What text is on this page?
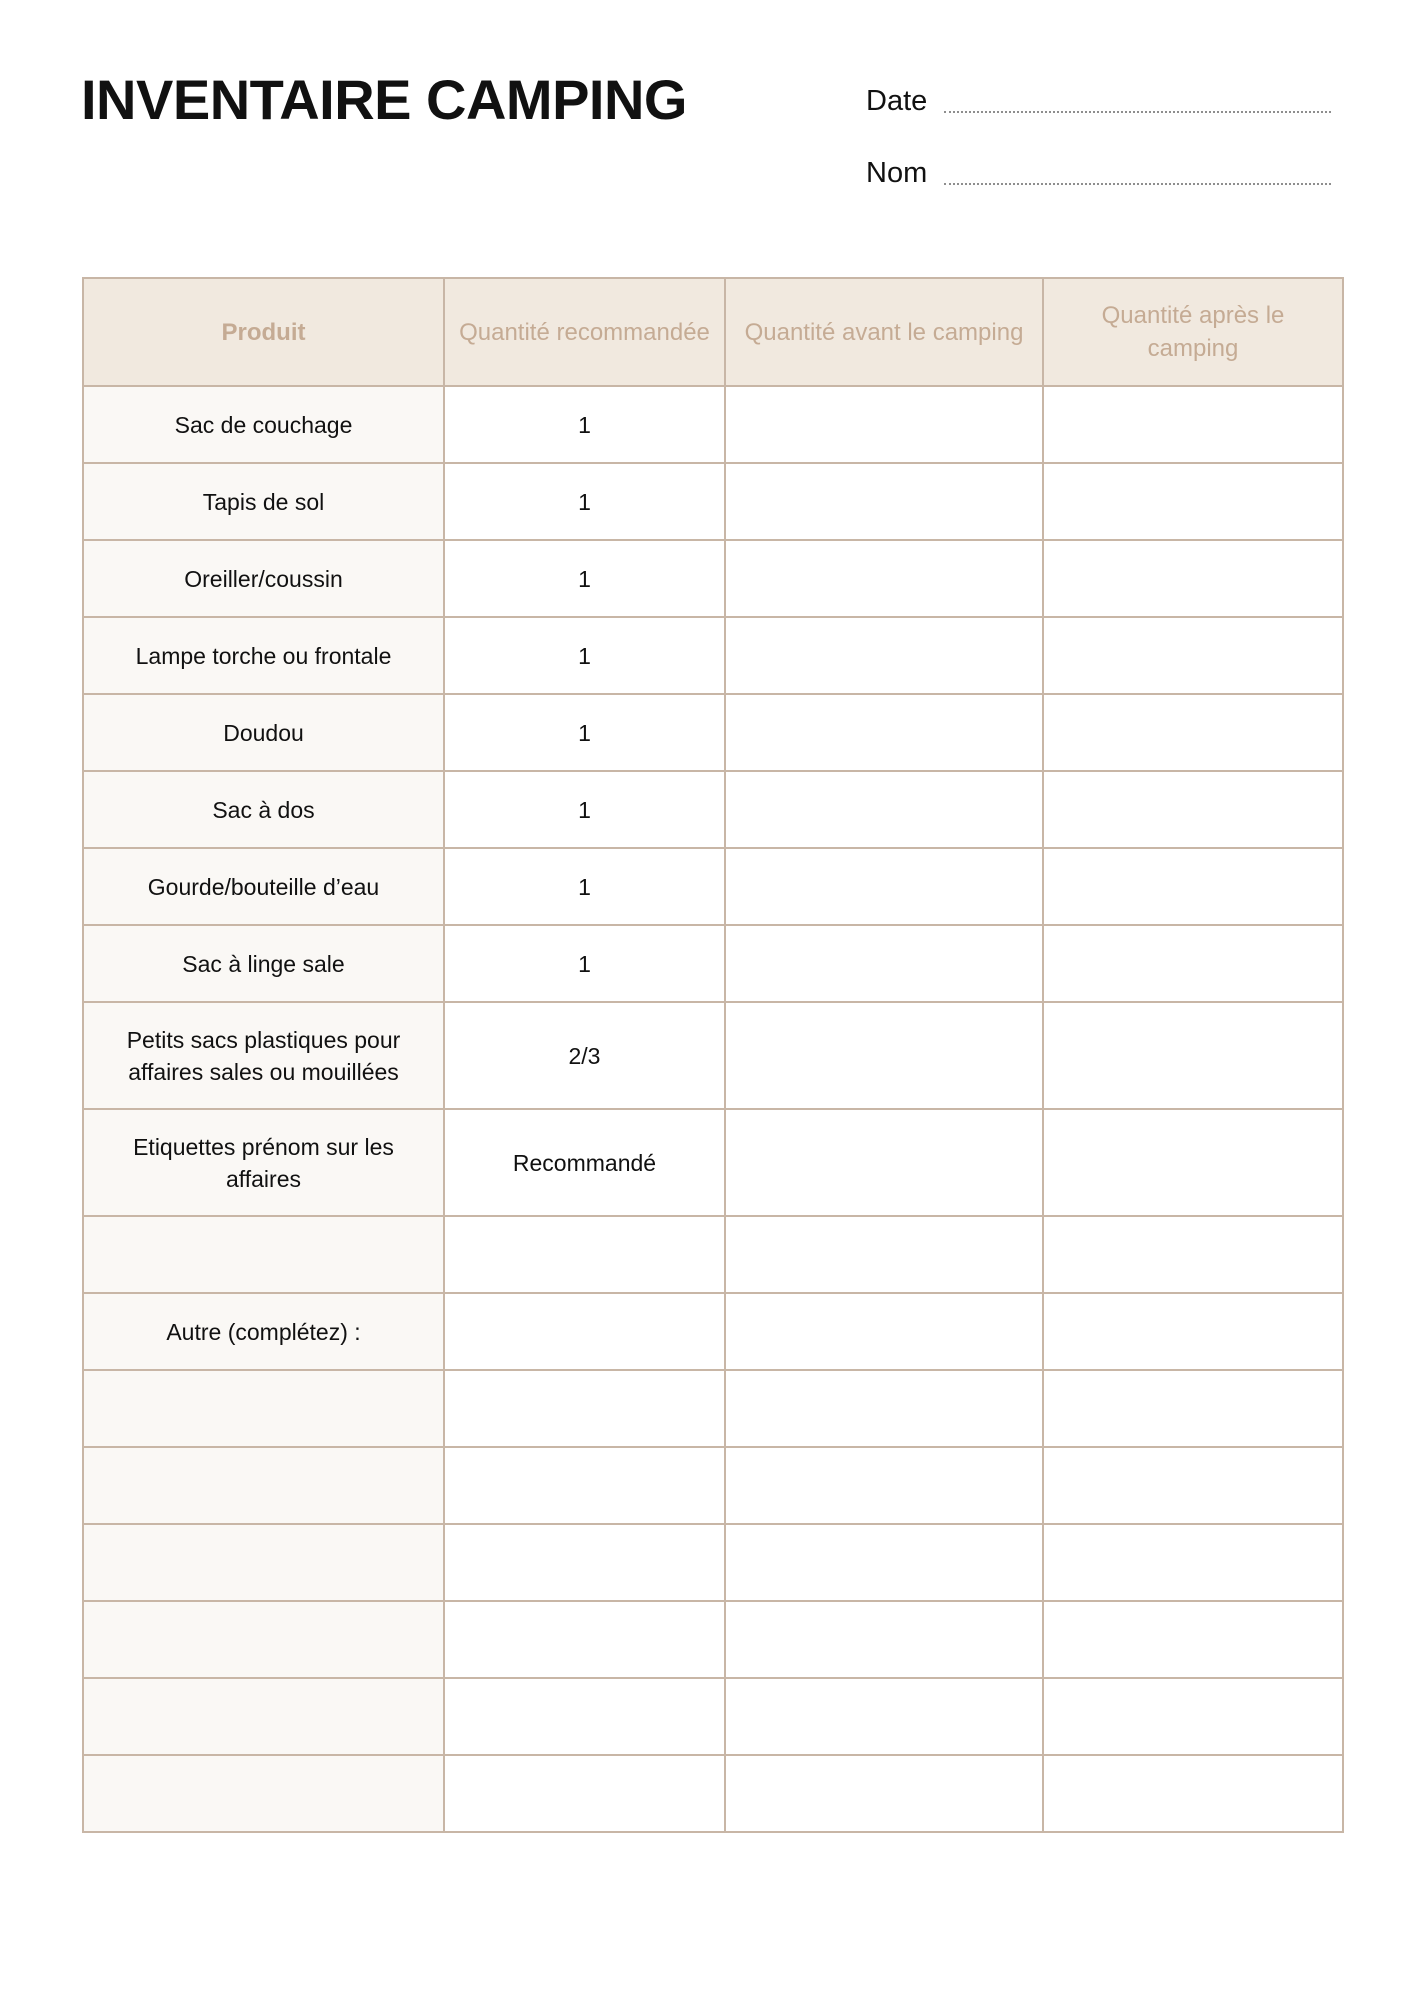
INVENTAIRE CAMPING	Date
Nom
Produit	Quantité recommandée	Quantité avant le camping	Quantité après le camping
Sac de couchage	1		
Tapis de sol	1		
Oreiller/coussin	1		
Lampe torche ou frontale	1		
Doudou	1		
Sac à dos	1		
Gourde/bouteille d’eau	1		
Sac à linge sale	1		
Petits sacs plastiques pour affaires sales ou mouillées	2/3		
Etiquettes prénom sur les affaires	Recommandé		

Autre (complétez) :			
